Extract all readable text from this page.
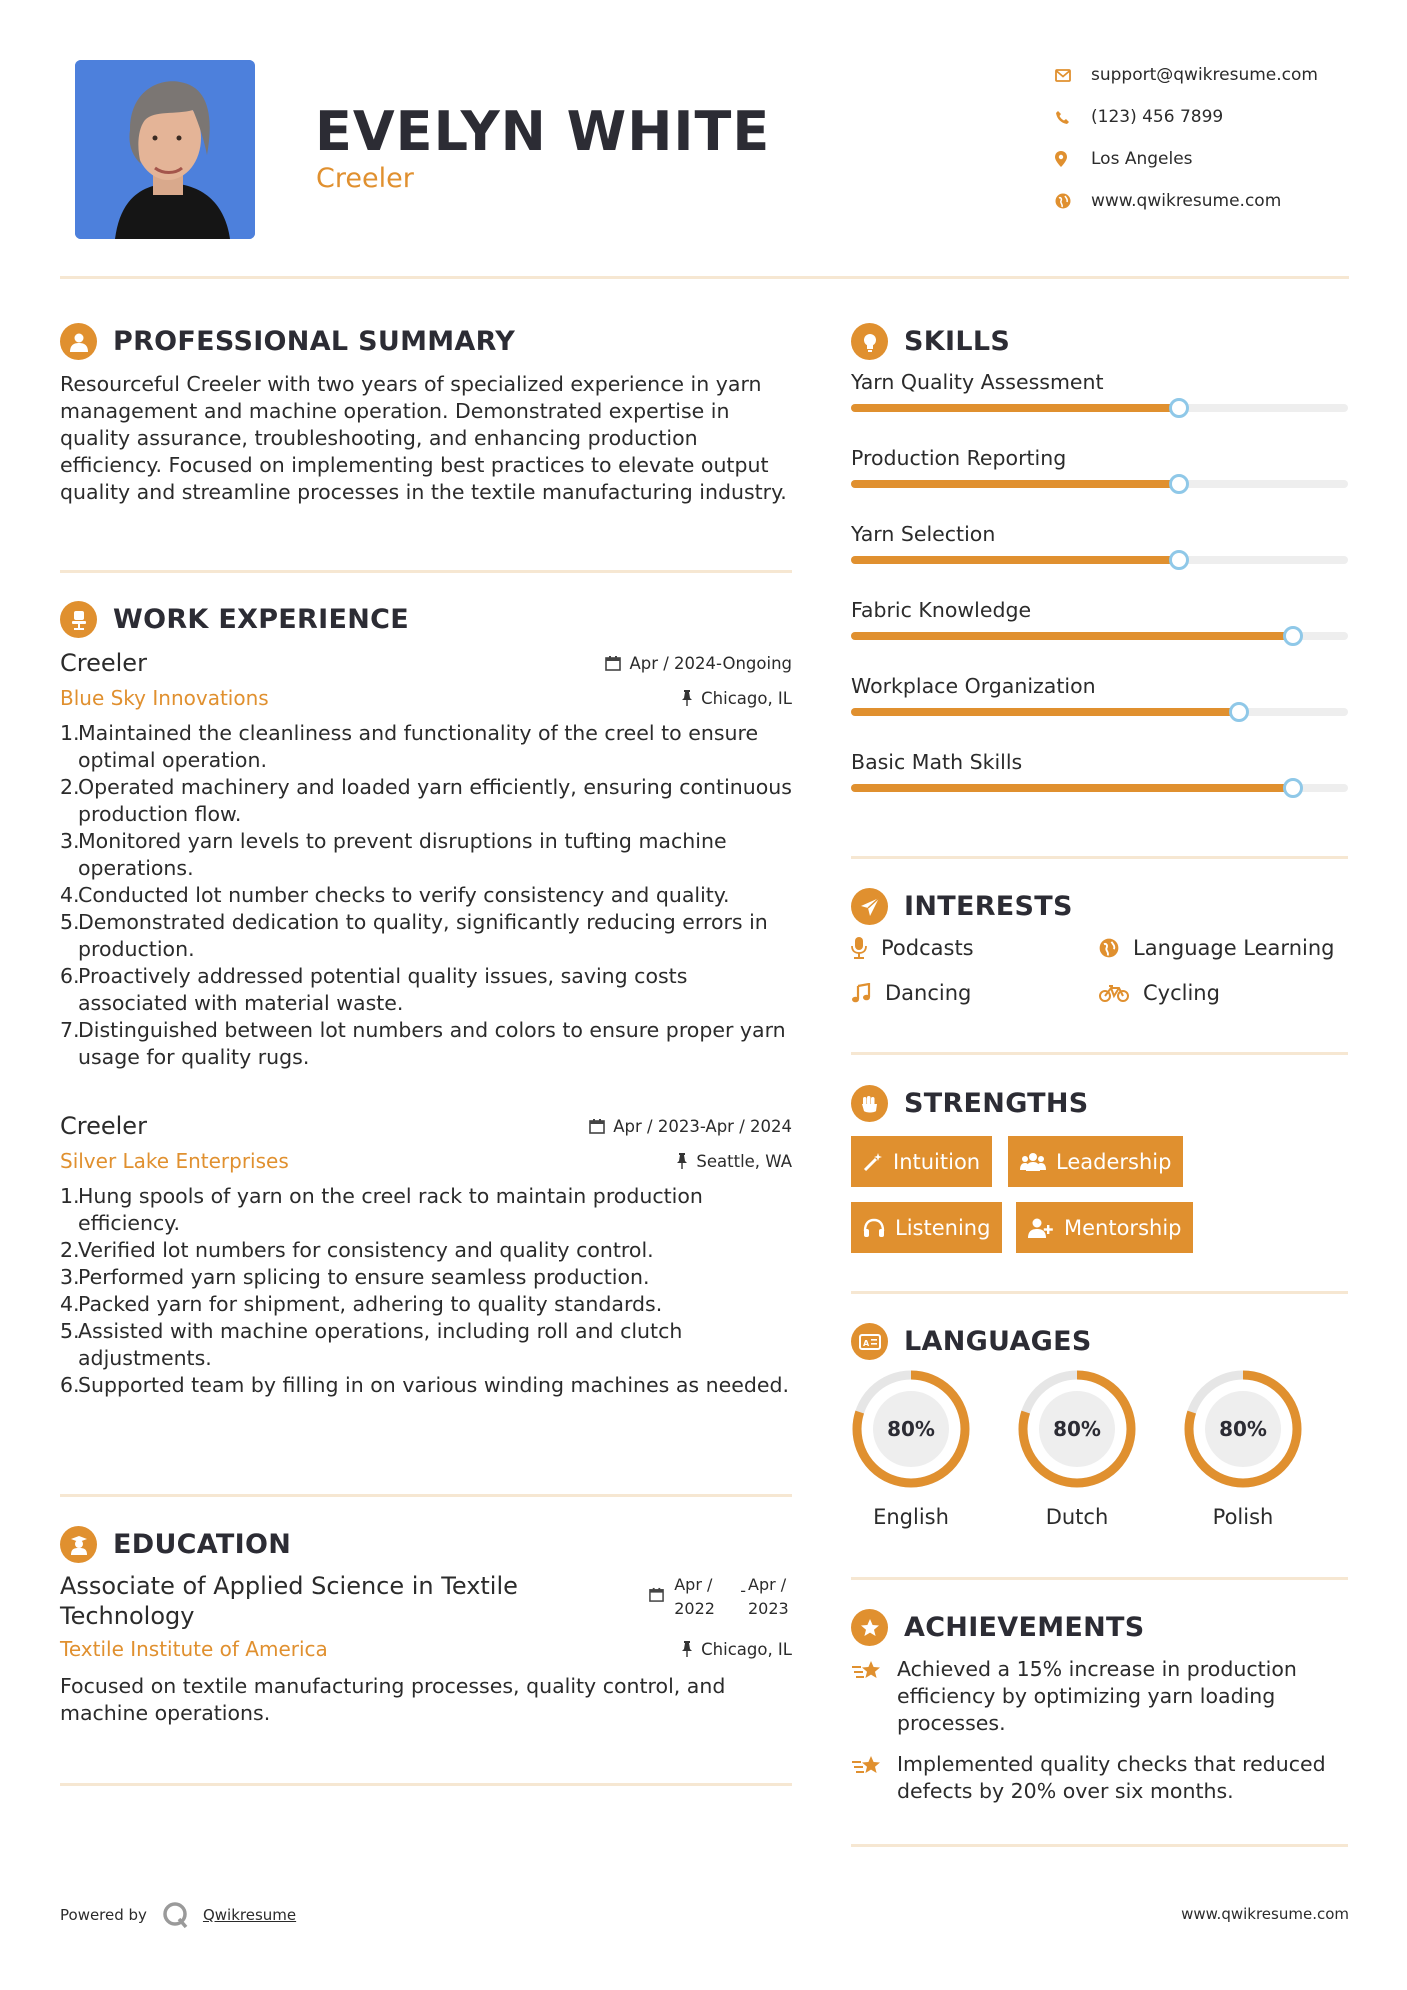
EVELYN WHITE
Creeler
support@qwikresume.com
(123) 456 7899
Los Angeles
www.qwikresume.com
PROFESSIONAL SUMMARY
Resourceful Creeler with two years of specialized experience in yarn management and machine operation. Demonstrated expertise in quality assurance, troubleshooting, and enhancing production efficiency. Focused on implementing best practices to elevate output quality and streamline processes in the textile manufacturing industry.
WORK EXPERIENCE
Creeler	Apr / 2024-Ongoing
Blue Sky Innovations	Chicago, IL
1.
Maintained the cleanliness and functionality of the creel to ensure optimal operation.
2.
Operated machinery and loaded yarn efficiently, ensuring continuous production flow.
3.
Monitored yarn levels to prevent disruptions in tufting machine operations.
4.
Conducted lot number checks to verify consistency and quality.
5.
Demonstrated dedication to quality, significantly reducing errors in production.
6.
Proactively addressed potential quality issues, saving costs associated with material waste.
7.
Distinguished between lot numbers and colors to ensure proper yarn usage for quality rugs.
Creeler	Apr / 2023-Apr / 2024
Silver Lake Enterprises	Seattle, WA
1.
Hung spools of yarn on the creel rack to maintain production efficiency.
2.
Verified lot numbers for consistency and quality control.
3.
Performed yarn splicing to ensure seamless production.
4.
Packed yarn for shipment, adhering to quality standards.
5.
Assisted with machine operations, including roll and clutch adjustments.
6.
Supported team by filling in on various winding machines as needed.
EDUCATION
Associate of Applied Science in Textile Technology
Apr / 2022
- Apr / 2023
Textile Institute of America	Chicago, IL
Focused on textile manufacturing processes, quality control, and machine operations.
SKILLS
Yarn Quality Assessment
Production Reporting
Yarn Selection
Fabric Knowledge
Workplace Organization
Basic Math Skills
INTERESTS
Podcasts	Language Learning
Dancing	Cycling
STRENGTHS
Intuition	Leadership
Listening	Mentorship
A LANGUAGES
80%
English
80%
Dutch
80%
Polish
ACHIEVEMENTS
Achieved a 15% increase in production efficiency by optimizing yarn loading processes.
Implemented quality checks that reduced defects by 20% over six months.
Powered by	Qwikresume	www.qwikresume.com
